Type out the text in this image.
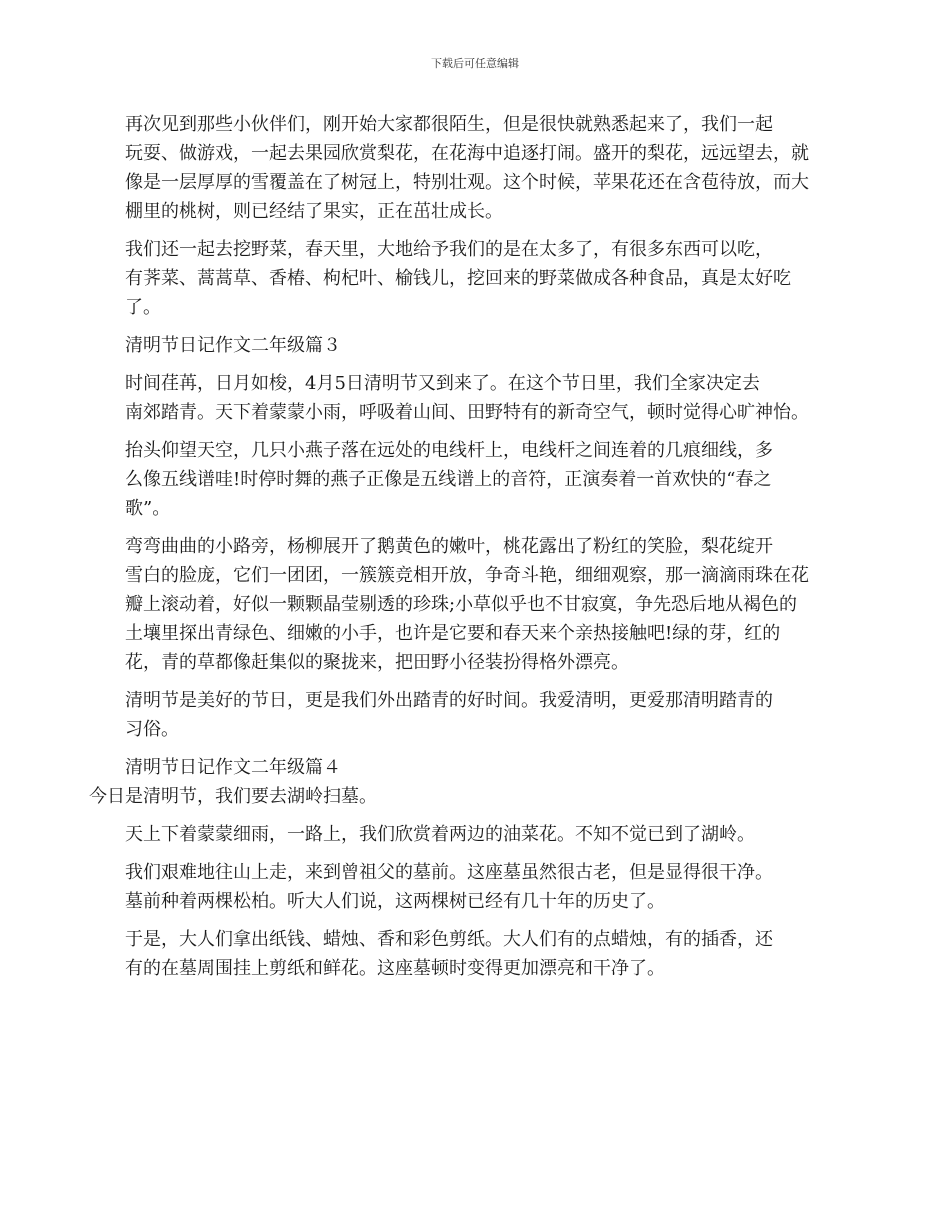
下载后可任意编辑

再次见到那些小伙伴们，刚开始大家都很陌生，但是很快就熟悉起来了，我们一起
玩耍、做游戏，一起去果园欣赏梨花，在花海中追逐打闹。盛开的梨花，远远望去，就
像是一层厚厚的雪覆盖在了树冠上，特别壮观。这个时候，苹果花还在含苞待放，而大
棚里的桃树，则已经结了果实，正在茁壮成长。

我们还一起去挖野菜，春天里，大地给予我们的是在太多了，有很多东西可以吃，
有荠菜、蒿蒿草、香椿、枸杞叶、榆钱儿，挖回来的野菜做成各种食品，真是太好吃
了。

清明节日记作文二年级篇３

时间荏苒，日月如梭，4月5日清明节又到来了。在这个节日里，我们全家决定去
南郊踏青。天下着蒙蒙小雨，呼吸着山间、田野特有的新奇空气，顿时觉得心旷神怡。

抬头仰望天空，几只小燕子落在远处的电线杆上，电线杆之间连着的几痕细线，多
么像五线谱哇!时停时舞的燕子正像是五线谱上的音符，正演奏着一首欢快的“春之
歌”。

弯弯曲曲的小路旁，杨柳展开了鹅黄色的嫩叶，桃花露出了粉红的笑脸，梨花绽开
雪白的脸庞，它们一团团，一簇簇竞相开放，争奇斗艳，细细观察，那一滴滴雨珠在花
瓣上滚动着，好似一颗颗晶莹剔透的珍珠;小草似乎也不甘寂寞，争先恐后地从褐色的
土壤里探出青绿色、细嫩的小手，也许是它要和春天来个亲热接触吧!绿的芽，红的
花，青的草都像赶集似的聚拢来，把田野小径装扮得格外漂亮。

清明节是美好的节日，更是我们外出踏青的好时间。我爱清明，更爱那清明踏青的
习俗。

清明节日记作文二年级篇４

今日是清明节，我们要去湖岭扫墓。

天上下着蒙蒙细雨，一路上，我们欣赏着两边的油菜花。不知不觉已到了湖岭。

我们艰难地往山上走，来到曾祖父的墓前。这座墓虽然很古老，但是显得很干净。
墓前种着两棵松柏。听大人们说，这两棵树已经有几十年的历史了。

于是，大人们拿出纸钱、蜡烛、香和彩色剪纸。大人们有的点蜡烛，有的插香，还
有的在墓周围挂上剪纸和鲜花。这座墓顿时变得更加漂亮和干净了。
